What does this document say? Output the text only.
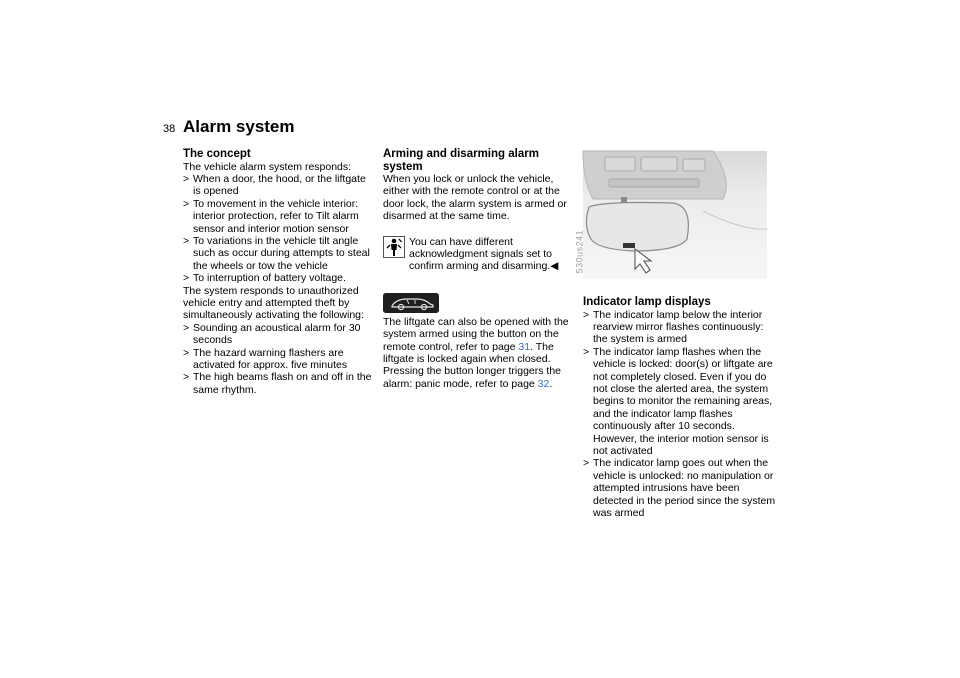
38 Alarm system
The concept

The vehicle alarm system responds:

> When a door, the hood, or the liftgate is opened
> To movement in the vehicle interior: interior protection, refer to Tilt alarm sensor and interior motion sensor
> To variations in the vehicle tilt angle such as occur during attempts to steal the wheels or tow the vehicle
> To interruption of battery voltage.

The system responds to unauthorized vehicle entry and attempted theft by simultaneously activating the following:

> Sounding an acoustical alarm for 30 seconds
> The hazard warning flashers are activated for approx. five minutes
> The high beams flash on and off in the same rhythm.
Arming and disarming alarm system

When you lock or unlock the vehicle, either with the remote control or at the door lock, the alarm system is armed or disarmed at the same time.

You can have different acknowledgment signals set to confirm arming and disarming.◀

The liftgate can also be opened with the system armed using the button on the remote control, refer to page 31. The liftgate is locked again when closed. Pressing the button longer triggers the alarm: panic mode, refer to page 32.

530us241
Indicator lamp displays
> The indicator lamp below the interior rearview mirror flashes continuously: the system is armed
> The indicator lamp flashes when the vehicle is locked: door(s) or liftgate are not completely closed. Even if you do not close the alerted area, the system begins to monitor the remaining areas, and the indicator lamp flashes continuously after 10 seconds. However, the interior motion sensor is not activated
> The indicator lamp goes out when the vehicle is unlocked: no manipulation or attempted intrusions have been detected in the period since the system was armed
